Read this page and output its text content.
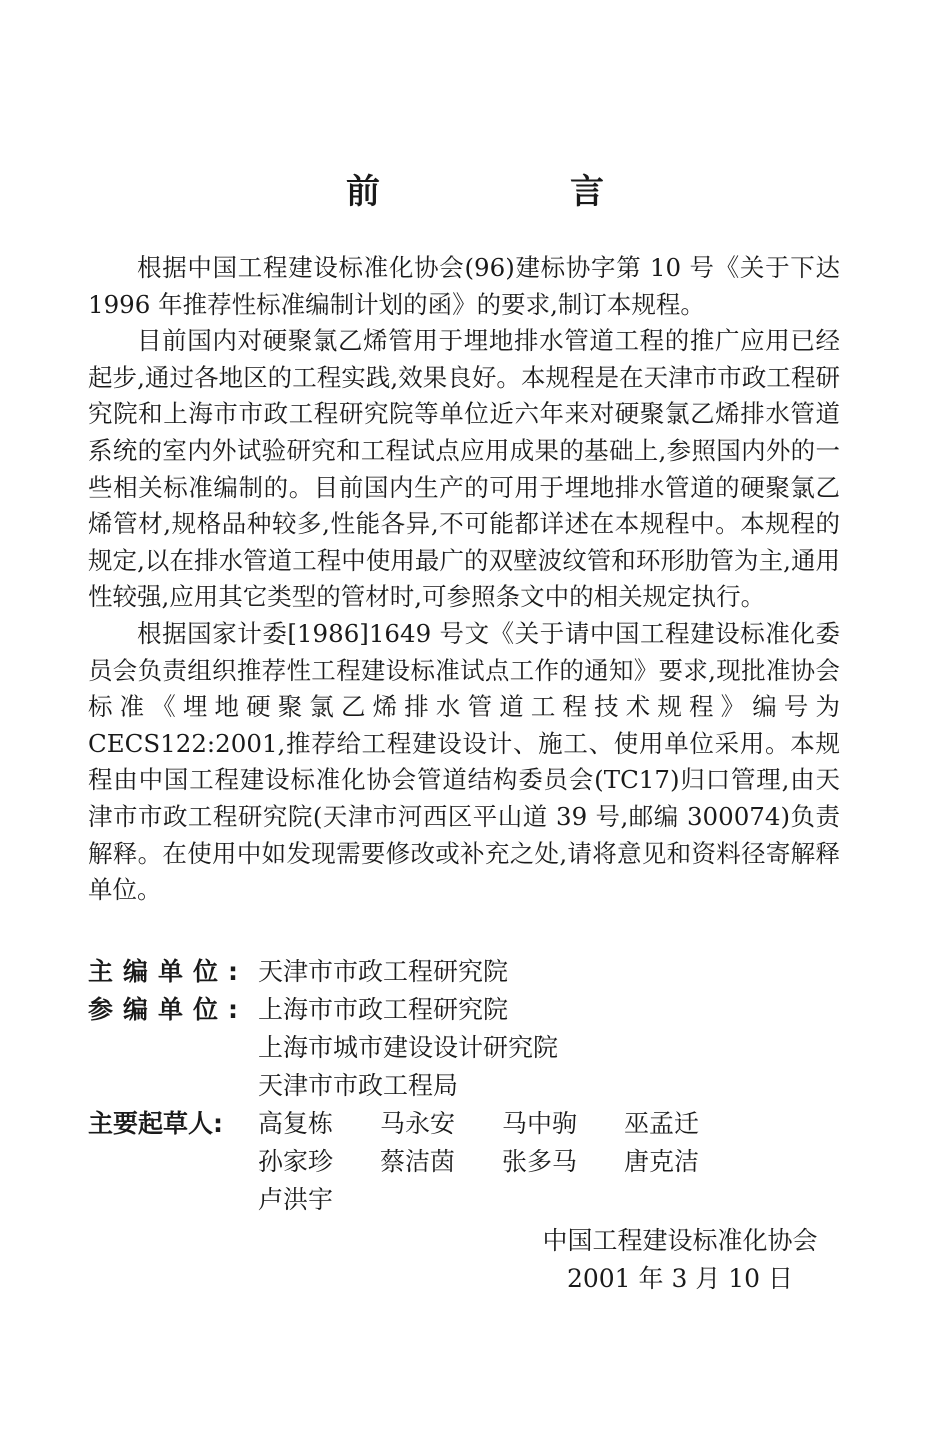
前　言

根据中国工程建设标准化协会(96)建标协字第 10 号《关于下达 1996 年推荐性标准编制计划的函》的要求,制订本规程。

目前国内对硬聚氯乙烯管用于埋地排水管道工程的推广应用已经起步,通过各地区的工程实践,效果良好。本规程是在天津市市政工程研究院和上海市市政工程研究院等单位近六年来对硬聚氯乙烯排水管道系统的室内外试验研究和工程试点应用成果的基础上,参照国内外的一些相关标准编制的。目前国内生产的可用于埋地排水管道的硬聚氯乙烯管材,规格品种较多,性能各异,不可能都详述在本规程中。本规程的规定,以在排水管道工程中使用最广的双壁波纹管和环形肋管为主,通用性较强,应用其它类型的管材时,可参照条文中的相关规定执行。

根据国家计委[1986]1649 号文《关于请中国工程建设标准化委员会负责组织推荐性工程建设标准试点工作的通知》要求,现批准协会标准《埋地硬聚氯乙烯排水管道工程技术规程》编号为 CECS122:2001,推荐给工程建设设计、施工、使用单位采用。本规程由中国工程建设标准化协会管道结构委员会(TC17)归口管理,由天津市市政工程研究院(天津市河西区平山道 39 号,邮编 300074)负责解释。在使用中如发现需要修改或补充之处,请将意见和资料径寄解释单位。

主编单位: 天津市市政工程研究院
参编单位: 上海市市政工程研究院
上海市城市建设设计研究院
天津市市政工程局
主要起草人:	高复栋	马永安	马中驹	巫孟迁
孙家珍	蔡洁茵	张多马	唐克洁
卢洪宇
中国工程建设标准化协会
2001 年 3 月 10 日
